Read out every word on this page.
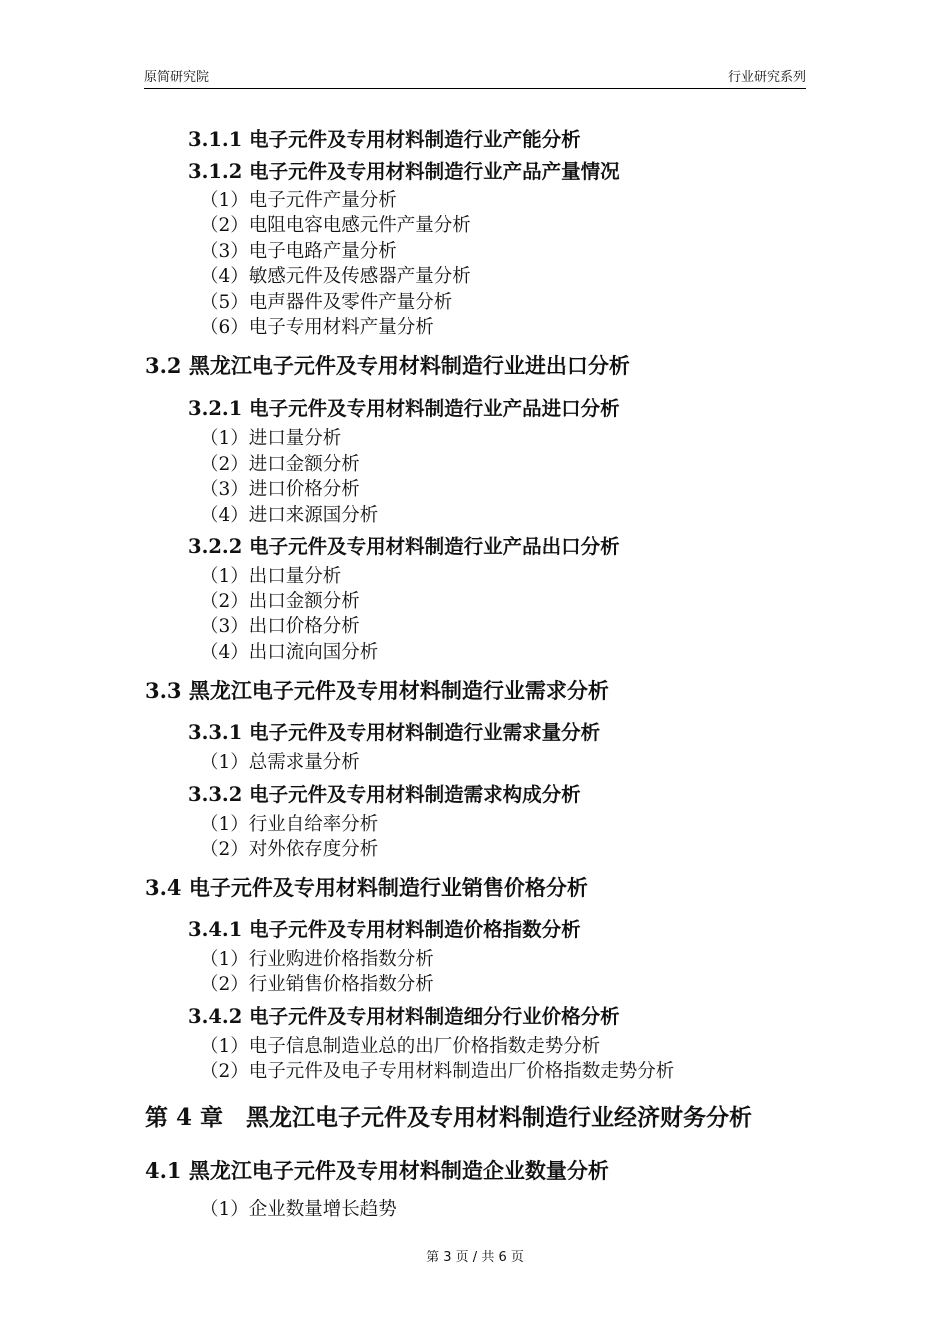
原简研究院	行业研究系列
3.1.1 电子元件及专用材料制造行业产能分析
3.1.2 电子元件及专用材料制造行业产品产量情况
（1）电子元件产量分析
（2）电阻电容电感元件产量分析
（3）电子电路产量分析
（4）敏感元件及传感器产量分析
（5）电声器件及零件产量分析
（6）电子专用材料产量分析
3.2 黑龙江电子元件及专用材料制造行业进出口分析
3.2.1 电子元件及专用材料制造行业产品进口分析
（1）进口量分析
（2）进口金额分析
（3）进口价格分析
（4）进口来源国分析
3.2.2 电子元件及专用材料制造行业产品出口分析
（1）出口量分析
（2）出口金额分析
（3）出口价格分析
（4）出口流向国分析
3.3 黑龙江电子元件及专用材料制造行业需求分析
3.3.1 电子元件及专用材料制造行业需求量分析
（1）总需求量分析
3.3.2 电子元件及专用材料制造需求构成分析
（1）行业自给率分析
（2）对外依存度分析
3.4 电子元件及专用材料制造行业销售价格分析
3.4.1 电子元件及专用材料制造价格指数分析
（1）行业购进价格指数分析
（2）行业销售价格指数分析
3.4.2 电子元件及专用材料制造细分行业价格分析
（1）电子信息制造业总的出厂价格指数走势分析
（2）电子元件及电子专用材料制造出厂价格指数走势分析
第 4 章　黑龙江电子元件及专用材料制造行业经济财务分析
4.1 黑龙江电子元件及专用材料制造企业数量分析
（1）企业数量增长趋势
第 3 页 / 共 6 页
